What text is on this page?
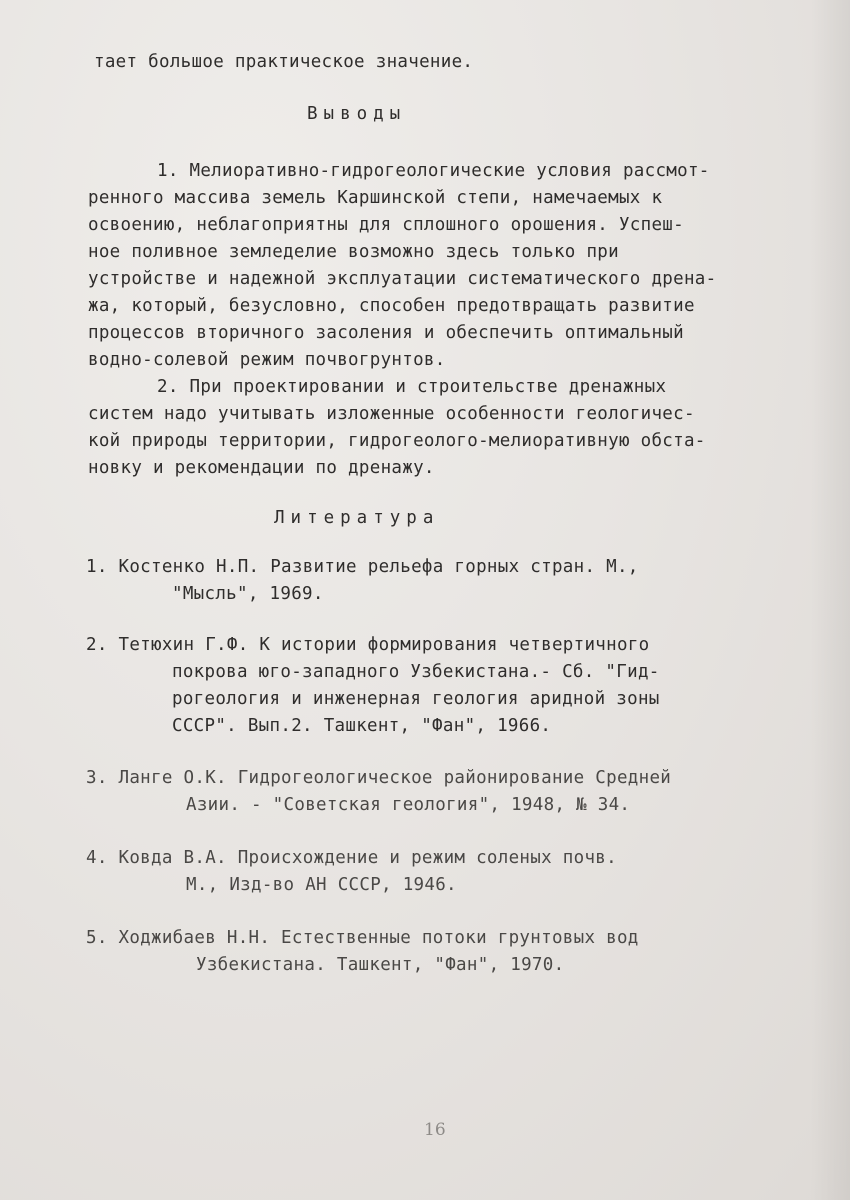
тает большое практическое значение.
Выводы
1. Мелиоративно-гидрогеологические условия рассмот-
ренного массива земель Каршинской степи, намечаемых к
освоению, неблагоприятны для сплошного орошения. Успеш-
ное поливное земледелие возможно здесь только при
устройстве и надежной эксплуатации систематического дрена-
жа, который, безусловно, способен предотвращать развитие
процессов вторичного засоления и обеспечить оптимальный
водно-солевой режим почвогрунтов.
2. При проектировании и строительстве дренажных
систем надо учитывать изложенные особенности геологичес-
кой природы территории, гидрогеолого-мелиоративную обста-
новку и рекомендации по дренажу.
Литература
1. Костенко Н.П. Развитие рельефа горных стран. М.,
"Мысль", 1969.
2. Тетюхин Г.Ф. К истории формирования четвертичного
покрова юго-западного Узбекистана.- Сб. "Гид-
рогеология и инженерная геология аридной зоны
СССР". Вып.2. Ташкент, "Фан", 1966.
3. Ланге О.К. Гидрогеологическое районирование Средней
Азии. - "Советская геология", 1948, № 34.
4. Ковда В.А. Происхождение и режим соленых почв.
М., Изд-во АН СССР, 1946.
5. Ходжибаев Н.Н. Естественные потоки грунтовых вод
Узбекистана. Ташкент, "Фан", 1970.
16
